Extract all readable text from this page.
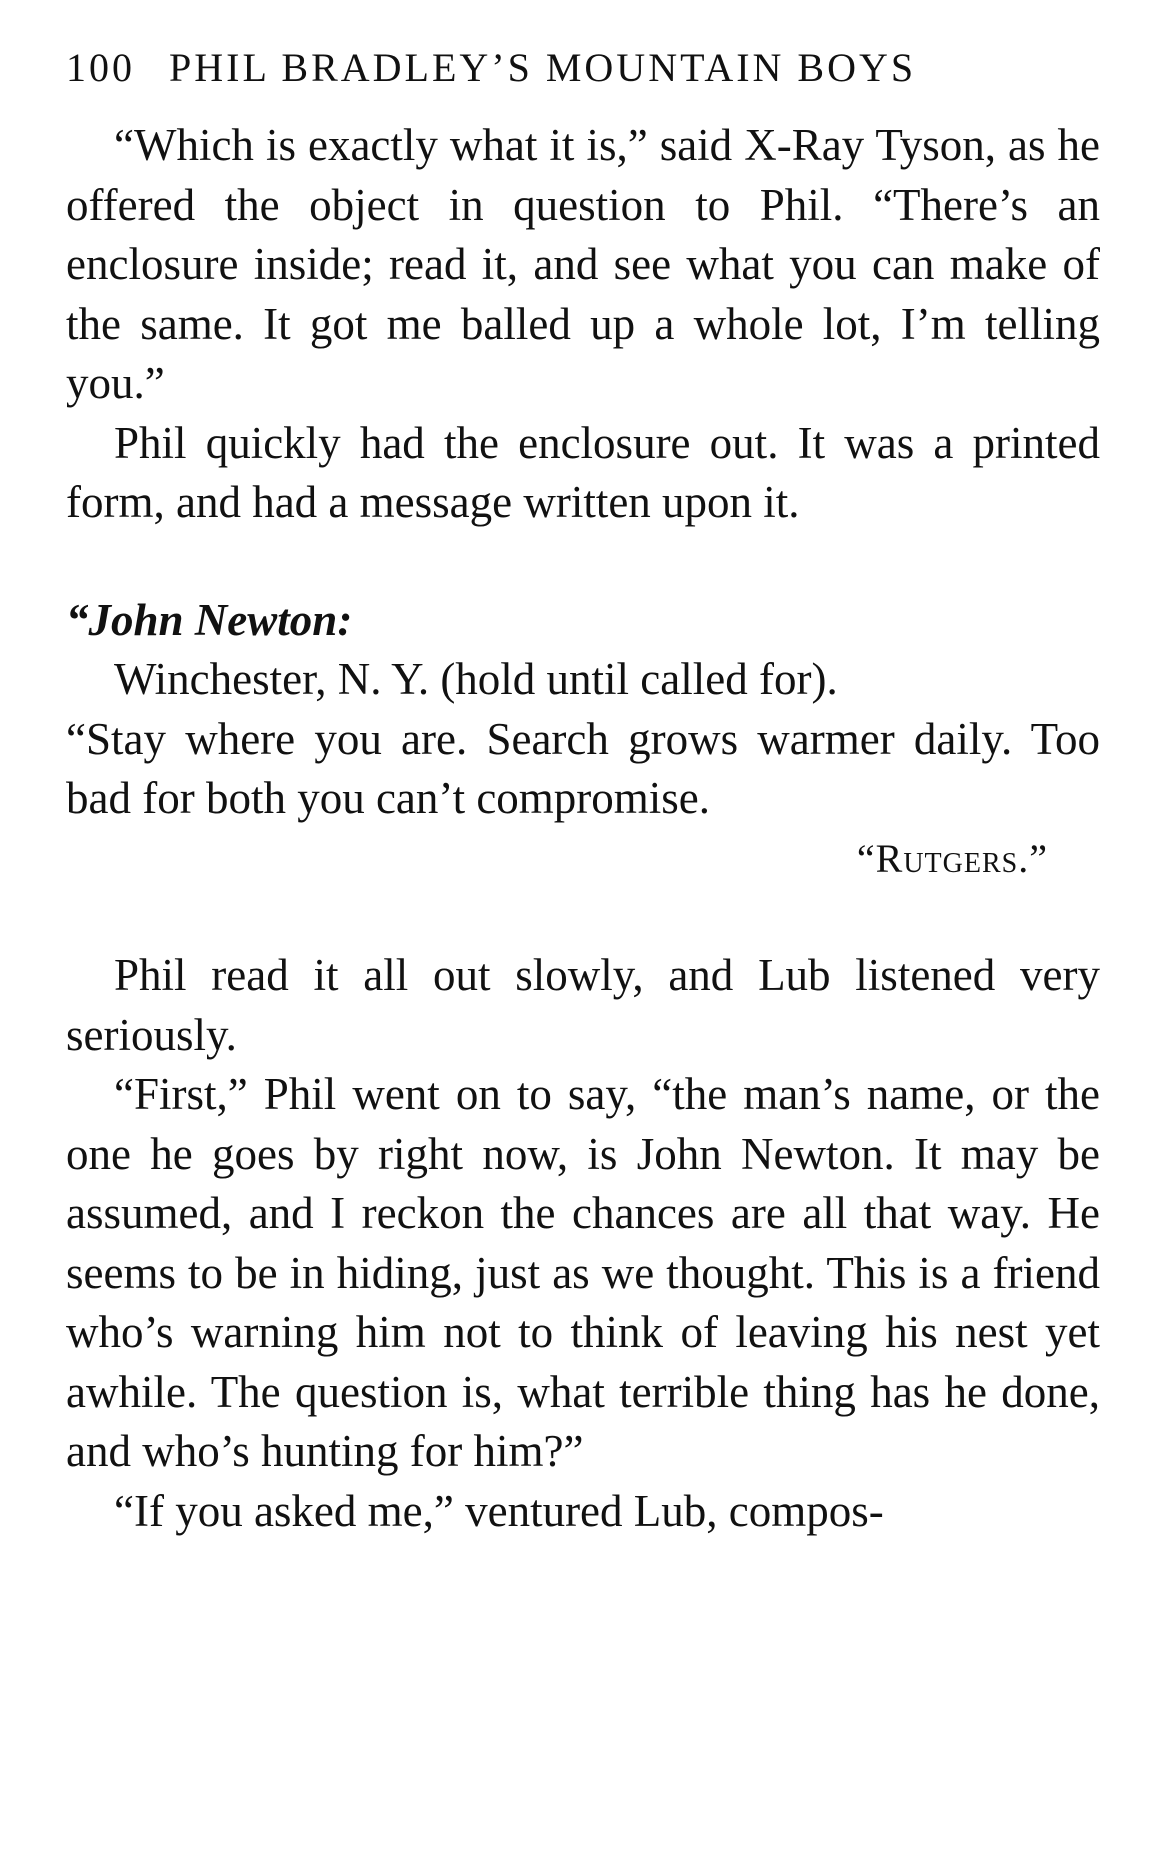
100 PHIL BRADLEY’S MOUNTAIN BOYS

“Which is exactly what it is,” said X-Ray Tyson, as he offered the object in question to Phil. “There’s an enclosure inside; read it, and see what you can make of the same. It got me balled up a whole lot, I’m telling you.”

Phil quickly had the enclosure out. It was a printed form, and had a message written upon it.

“John Newton:

Winchester, N. Y. (hold until called for).

“Stay where you are. Search grows warmer daily. Too bad for both you can’t compromise.

“Rutgers.”

Phil read it all out slowly, and Lub listened very seriously.

“First,” Phil went on to say, “the man’s name, or the one he goes by right now, is John Newton. It may be assumed, and I reckon the chances are all that way. He seems to be in hiding, just as we thought. This is a friend who’s warning him not to think of leaving his nest yet awhile. The question is, what terrible thing has he done, and who’s hunting for him?”

“If you asked me,” ventured Lub, compos-
